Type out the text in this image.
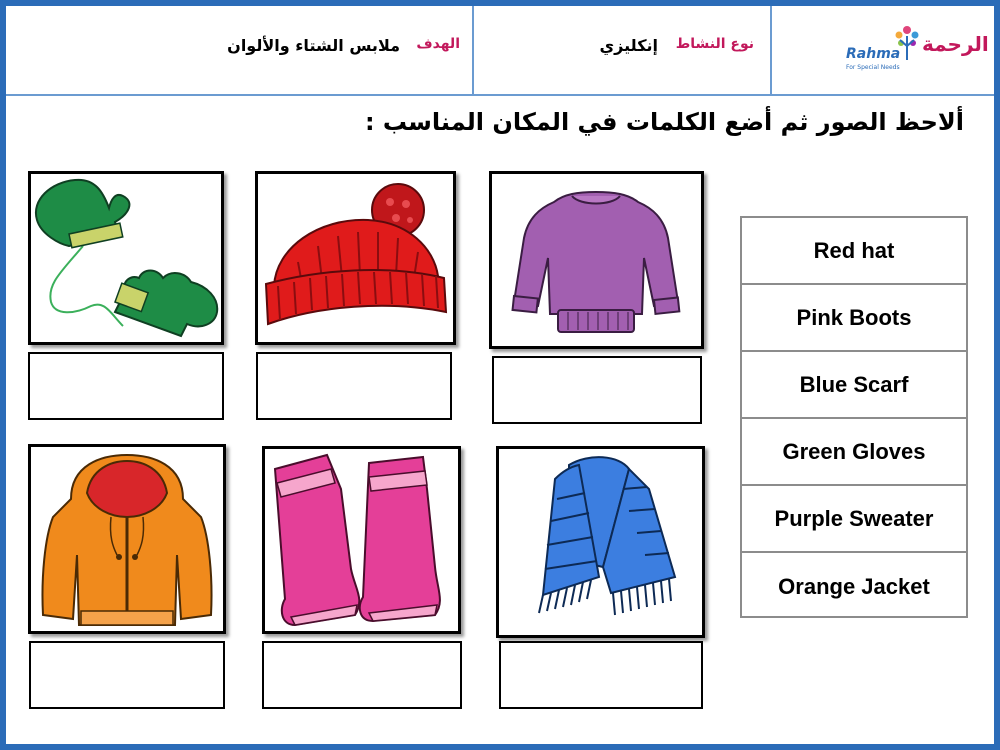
الهدف
ملابس الشتاء والألوان	نوع النشاط
إنكليزي	الرحمة
Rahma
For Special Needs
ألاحظ الصور ثم أضع الكلمات في المكان المناسب :
Red hat
Pink Boots
Blue Scarf
Green Gloves
Purple Sweater
Orange Jacket
